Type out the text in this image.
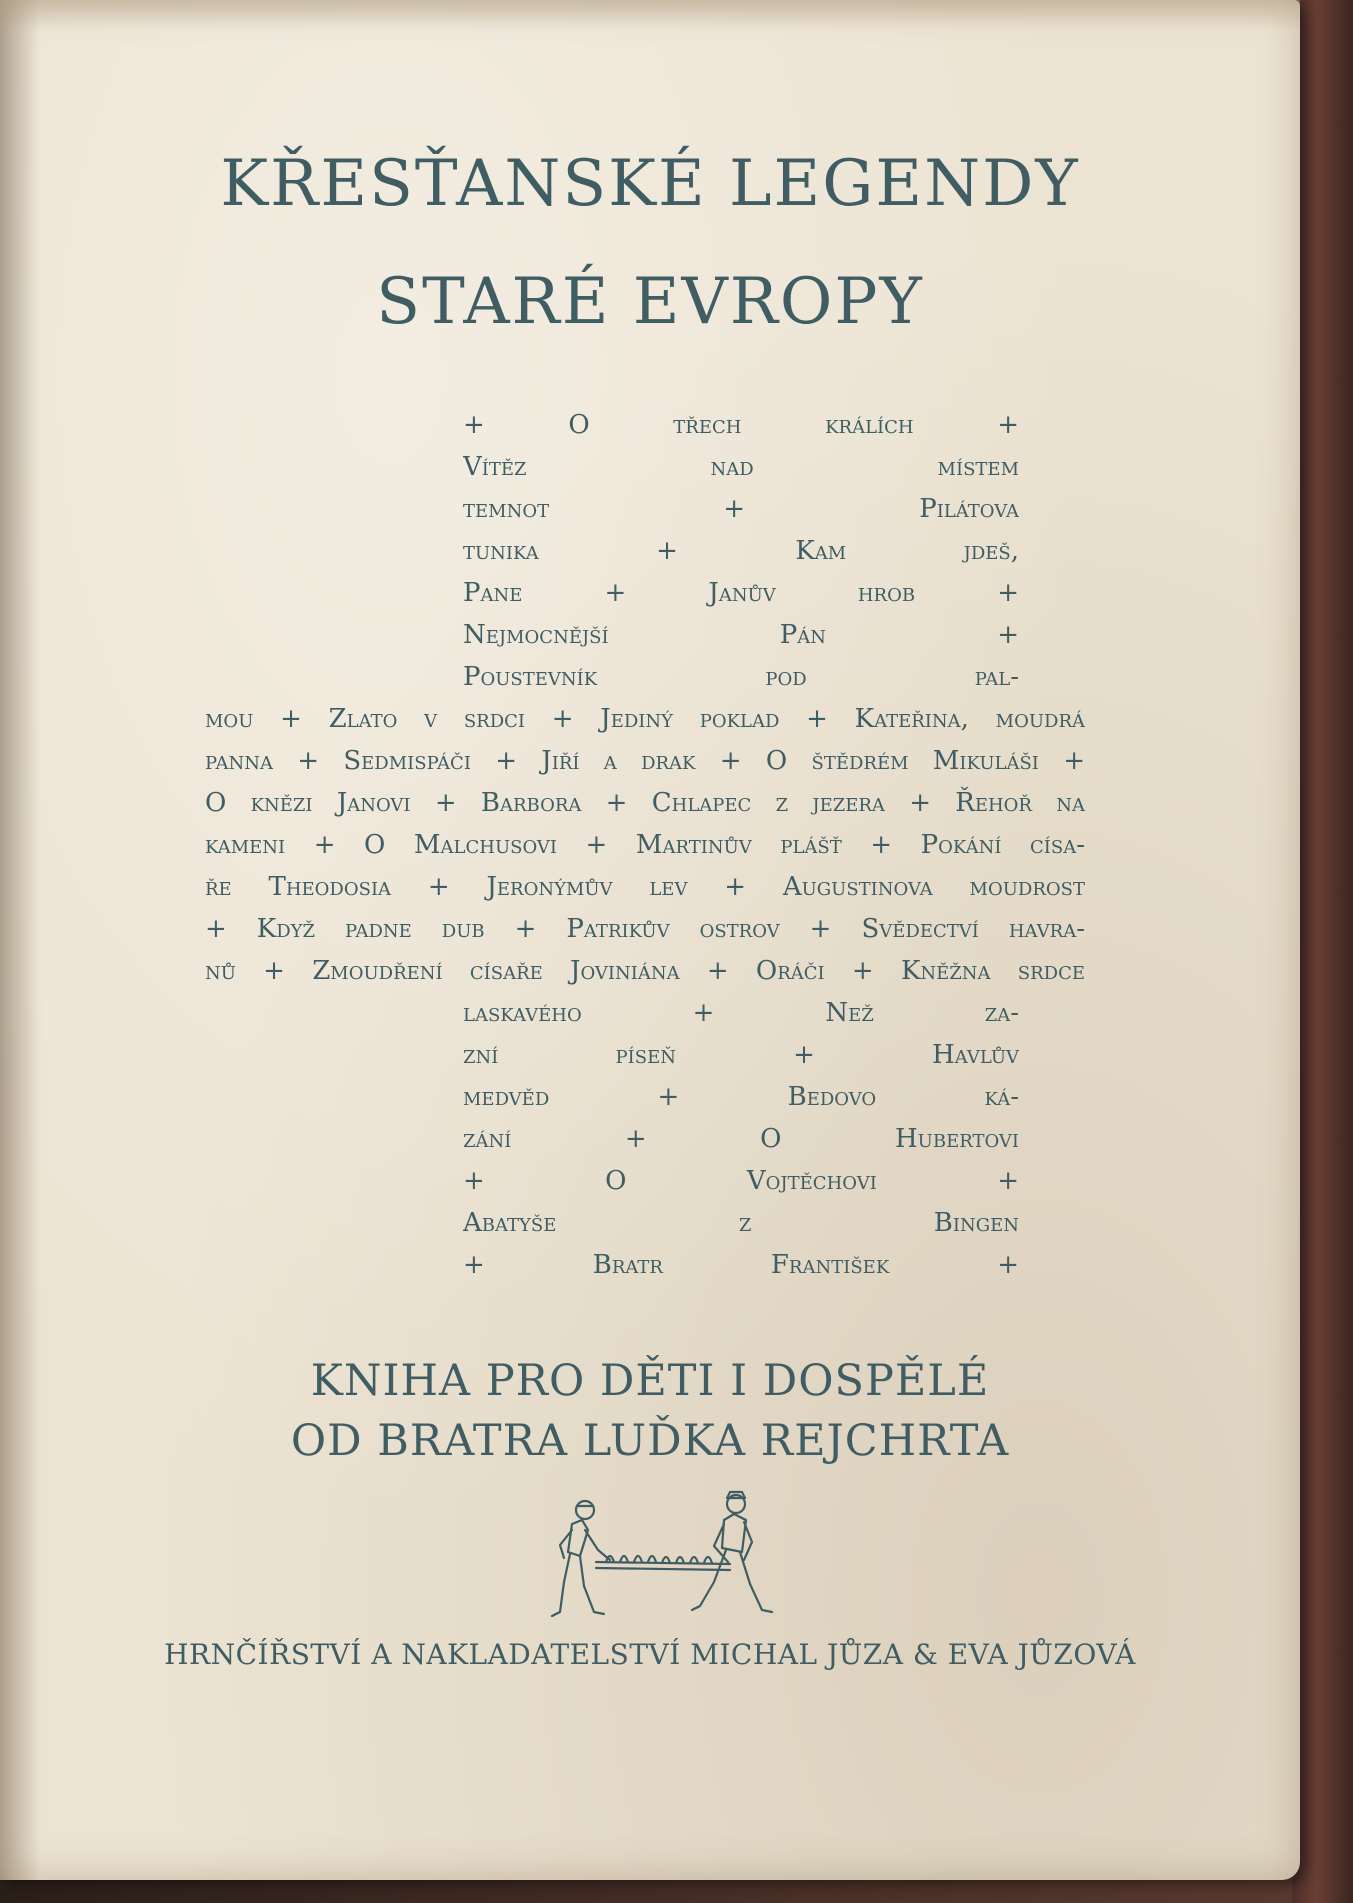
KŘESŤANSKÉ LEGENDY
STARÉ EVROPY
+ O třech králích +
Vítěz nad místem
temnot + Pilátova
tunika + Kam jdeš,
Pane + Janův hrob +
Nejmocnější Pán +
Poustevník pod pal-
mou + Zlato v srdci + Jediný poklad + Kateřina, moudrá
panna + Sedmispáči + Jiří a drak + O štědrém Mikuláši +
O knězi Janovi + Barbora + Chlapec z jezera + Řehoř na
kameni + O Malchusovi + Martinův plášť + Pokání císa-
ře Theodosia + Jeronýmův lev + Augustinova moudrost
+ Když padne dub + Patrikův ostrov + Svědectví havra-
nů + Zmoudření císaře Joviniána + Oráči + Kněžna srdce
laskavého + Než za-
zní píseň + Havlův
medvěd + Bedovo ká-
zání + O Hubertovi
+ O Vojtěchovi +
Abatyše z Bingen
+ Bratr František +
KNIHA PRO DĚTI I DOSPĚLÉ
OD BRATRA LUĎKA REJCHRTA
HRNČÍŘSTVÍ A NAKLADATELSTVÍ MICHAL JŮZA & EVA JŮZOVÁ
